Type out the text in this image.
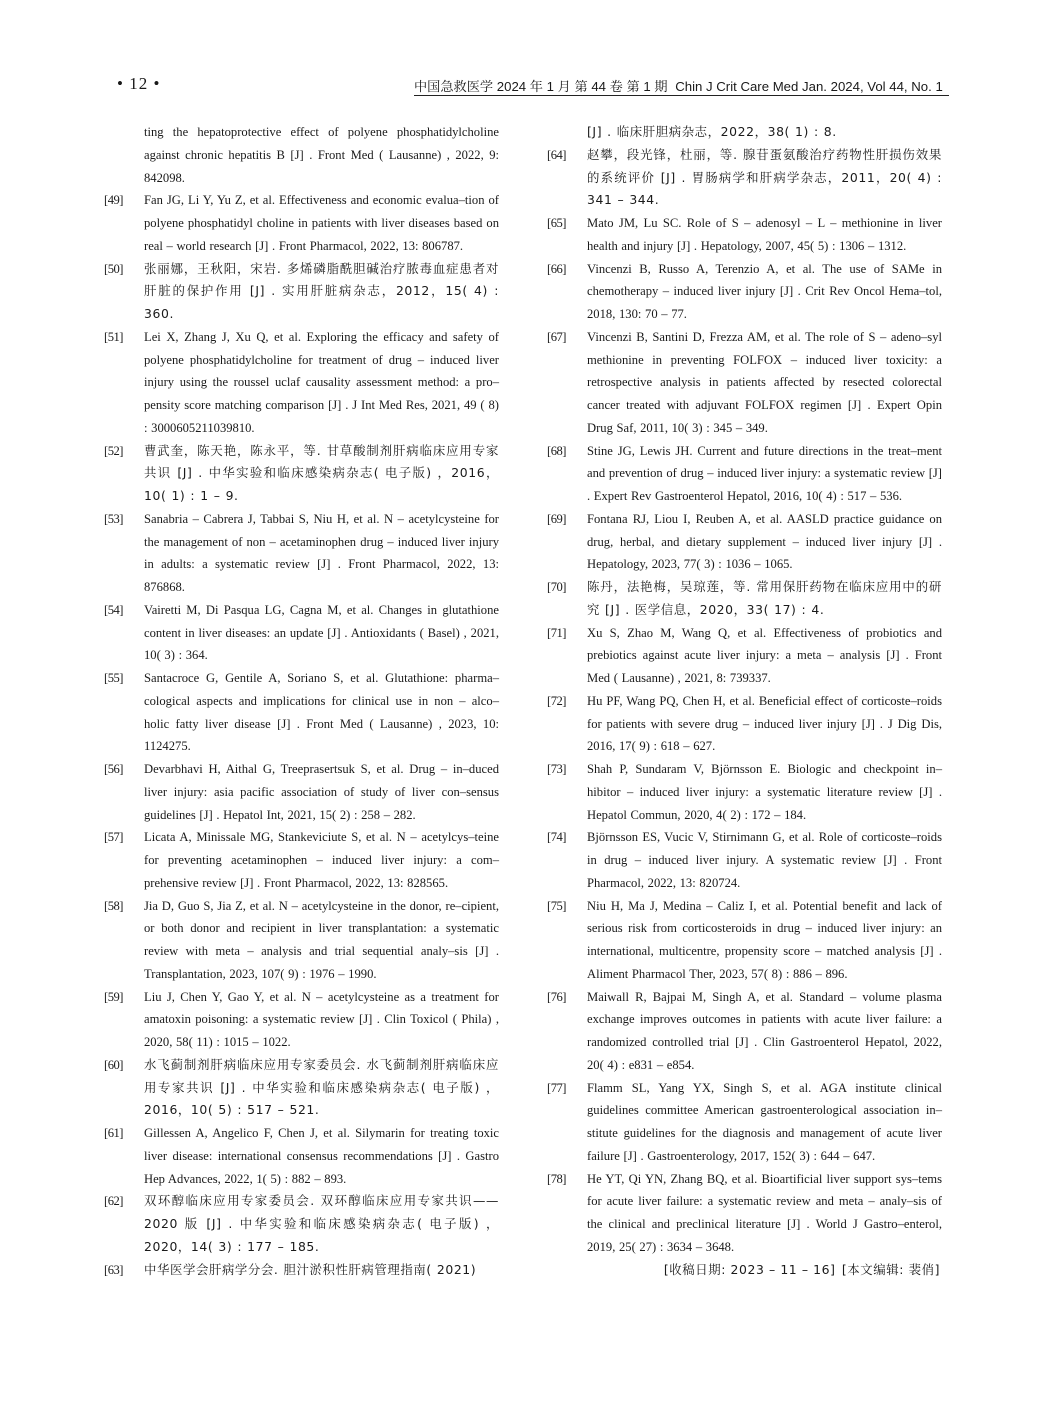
• 12 •	中国急救医学 2024 年 1 月 第 44 卷 第 1 期 Chin J Crit Care Med Jan. 2024, Vol 44, No. 1
ting the hepatoprotective effect of polyene phosphatidylcholine against chronic hepatitis B [J] . Front Med ( Lausanne) , 2022, 9: 842098.
[49] Fan JG, Li Y, Yu Z, et al. Effectiveness and economic evalua–tion of polyene phosphatidyl choline in patients with liver diseases based on real – world research [J] . Front Pharmacol, 2022, 13: 806787.
[50] 张丽娜，王秋阳，宋岩. 多烯磷脂酰胆碱治疗脓毒血症患者对肝脏的保护作用 [J] . 实用肝脏病杂志，2012，15( 4) : 360.
[51] Lei X, Zhang J, Xu Q, et al. Exploring the efficacy and safety of polyene phosphatidylcholine for treatment of drug – induced liver injury using the roussel uclaf causality assessment method: a pro–pensity score matching comparison [J] . J Int Med Res, 2021, 49 ( 8) : 3000605211039810.
[52] 曹武奎，陈天艳，陈永平，等. 甘草酸制剂肝病临床应用专家共识 [J] . 中华实验和临床感染病杂志( 电子版) ，2016，10( 1) : 1 – 9.
[53] Sanabria – Cabrera J, Tabbai S, Niu H, et al. N – acetylcysteine for the management of non – acetaminophen drug – induced liver injury in adults: a systematic review [J] . Front Pharmacol, 2022, 13: 876868.
[54] Vairetti M, Di Pasqua LG, Cagna M, et al. Changes in glutathione content in liver diseases: an update [J] . Antioxidants ( Basel) , 2021, 10( 3) : 364.
[55] Santacroce G, Gentile A, Soriano S, et al. Glutathione: pharma–cological aspects and implications for clinical use in non – alco–holic fatty liver disease [J] . Front Med ( Lausanne) , 2023, 10: 1124275.
[56] Devarbhavi H, Aithal G, Treeprasertsuk S, et al. Drug – in–duced liver injury: asia pacific association of study of liver con–sensus guidelines [J] . Hepatol Int, 2021, 15( 2) : 258 – 282.
[57] Licata A, Minissale MG, Stankeviciute S, et al. N – acetylcys–teine for preventing acetaminophen – induced liver injury: a com–prehensive review [J] . Front Pharmacol, 2022, 13: 828565.
[58] Jia D, Guo S, Jia Z, et al. N – acetylcysteine in the donor, re–cipient, or both donor and recipient in liver transplantation: a systematic review with meta – analysis and trial sequential analy–sis [J] . Transplantation, 2023, 107( 9) : 1976 – 1990.
[59] Liu J, Chen Y, Gao Y, et al. N – acetylcysteine as a treatment for amatoxin poisoning: a systematic review [J] . Clin Toxicol ( Phila) , 2020, 58( 11) : 1015 – 1022.
[60] 水飞蓟制剂肝病临床应用专家委员会. 水飞蓟制剂肝病临床应用专家共识 [J] . 中华实验和临床感染病杂志( 电子版) ，2016，10( 5) : 517 – 521.
[61] Gillessen A, Angelico F, Chen J, et al. Silymarin for treating toxic liver disease: international consensus recommendations [J] . Gastro Hep Advances, 2022, 1( 5) : 882 – 893.
[62] 双环醇临床应用专家委员会. 双环醇临床应用专家共识——2020 版 [J] . 中华实验和临床感染病杂志( 电子版) ，2020，14( 3) : 177 – 185.
[63] 中华医学会肝病学分会. 胆汁淤积性肝病管理指南( 2021)
[J] . 临床肝胆病杂志，2022，38( 1) : 8.
[64] 赵攀，段光锋，杜丽，等. 腺苷蛋氨酸治疗药物性肝损伤效果的系统评价 [J] . 胃肠病学和肝病学杂志，2011，20( 4) : 341 – 344.
[65] Mato JM, Lu SC. Role of S – adenosyl – L – methionine in liver health and injury [J] . Hepatology, 2007, 45( 5) : 1306 – 1312.
[66] Vincenzi B, Russo A, Terenzio A, et al. The use of SAMe in chemotherapy – induced liver injury [J] . Crit Rev Oncol Hema–tol, 2018, 130: 70 – 77.
[67] Vincenzi B, Santini D, Frezza AM, et al. The role of S – adeno–syl methionine in preventing FOLFOX – induced liver toxicity: a retrospective analysis in patients affected by resected colorectal cancer treated with adjuvant FOLFOX regimen [J] . Expert Opin Drug Saf, 2011, 10( 3) : 345 – 349.
[68] Stine JG, Lewis JH. Current and future directions in the treat–ment and prevention of drug – induced liver injury: a systematic review [J] . Expert Rev Gastroenterol Hepatol, 2016, 10( 4) : 517 – 536.
[69] Fontana RJ, Liou I, Reuben A, et al. AASLD practice guidance on drug, herbal, and dietary supplement – induced liver injury [J] . Hepatology, 2023, 77( 3) : 1036 – 1065.
[70] 陈丹，法艳梅，吴琼莲，等. 常用保肝药物在临床应用中的研究 [J] . 医学信息，2020，33( 17) : 4.
[71] Xu S, Zhao M, Wang Q, et al. Effectiveness of probiotics and prebiotics against acute liver injury: a meta – analysis [J] . Front Med ( Lausanne) , 2021, 8: 739337.
[72] Hu PF, Wang PQ, Chen H, et al. Beneficial effect of corticoste–roids for patients with severe drug – induced liver injury [J] . J Dig Dis, 2016, 17( 9) : 618 – 627.
[73] Shah P, Sundaram V, Björnsson E. Biologic and checkpoint in–hibitor – induced liver injury: a systematic literature review [J] . Hepatol Commun, 2020, 4( 2) : 172 – 184.
[74] Björnsson ES, Vucic V, Stirnimann G, et al. Role of corticoste–roids in drug – induced liver injury. A systematic review [J] . Front Pharmacol, 2022, 13: 820724.
[75] Niu H, Ma J, Medina – Caliz I, et al. Potential benefit and lack of serious risk from corticosteroids in drug – induced liver injury: an international, multicentre, propensity score – matched analysis [J] . Aliment Pharmacol Ther, 2023, 57( 8) : 886 – 896.
[76] Maiwall R, Bajpai M, Singh A, et al. Standard – volume plasma exchange improves outcomes in patients with acute liver failure: a randomized controlled trial [J] . Clin Gastroenterol Hepatol, 2022, 20( 4) : e831 – e854.
[77] Flamm SL, Yang YX, Singh S, et al. AGA institute clinical guidelines committee American gastroenterological association in–stitute guidelines for the diagnosis and management of acute liver failure [J] . Gastroenterology, 2017, 152( 3) : 644 – 647.
[78] He YT, Qi YN, Zhang BQ, et al. Bioartificial liver support sys–tems for acute liver failure: a systematic review and meta – analy–sis of the clinical and preclinical literature [J] . World J Gastro–enterol, 2019, 25( 27) : 3634 – 3648.
[收稿日期: 2023 – 11 – 16] [本文编辑: 裴俏]
